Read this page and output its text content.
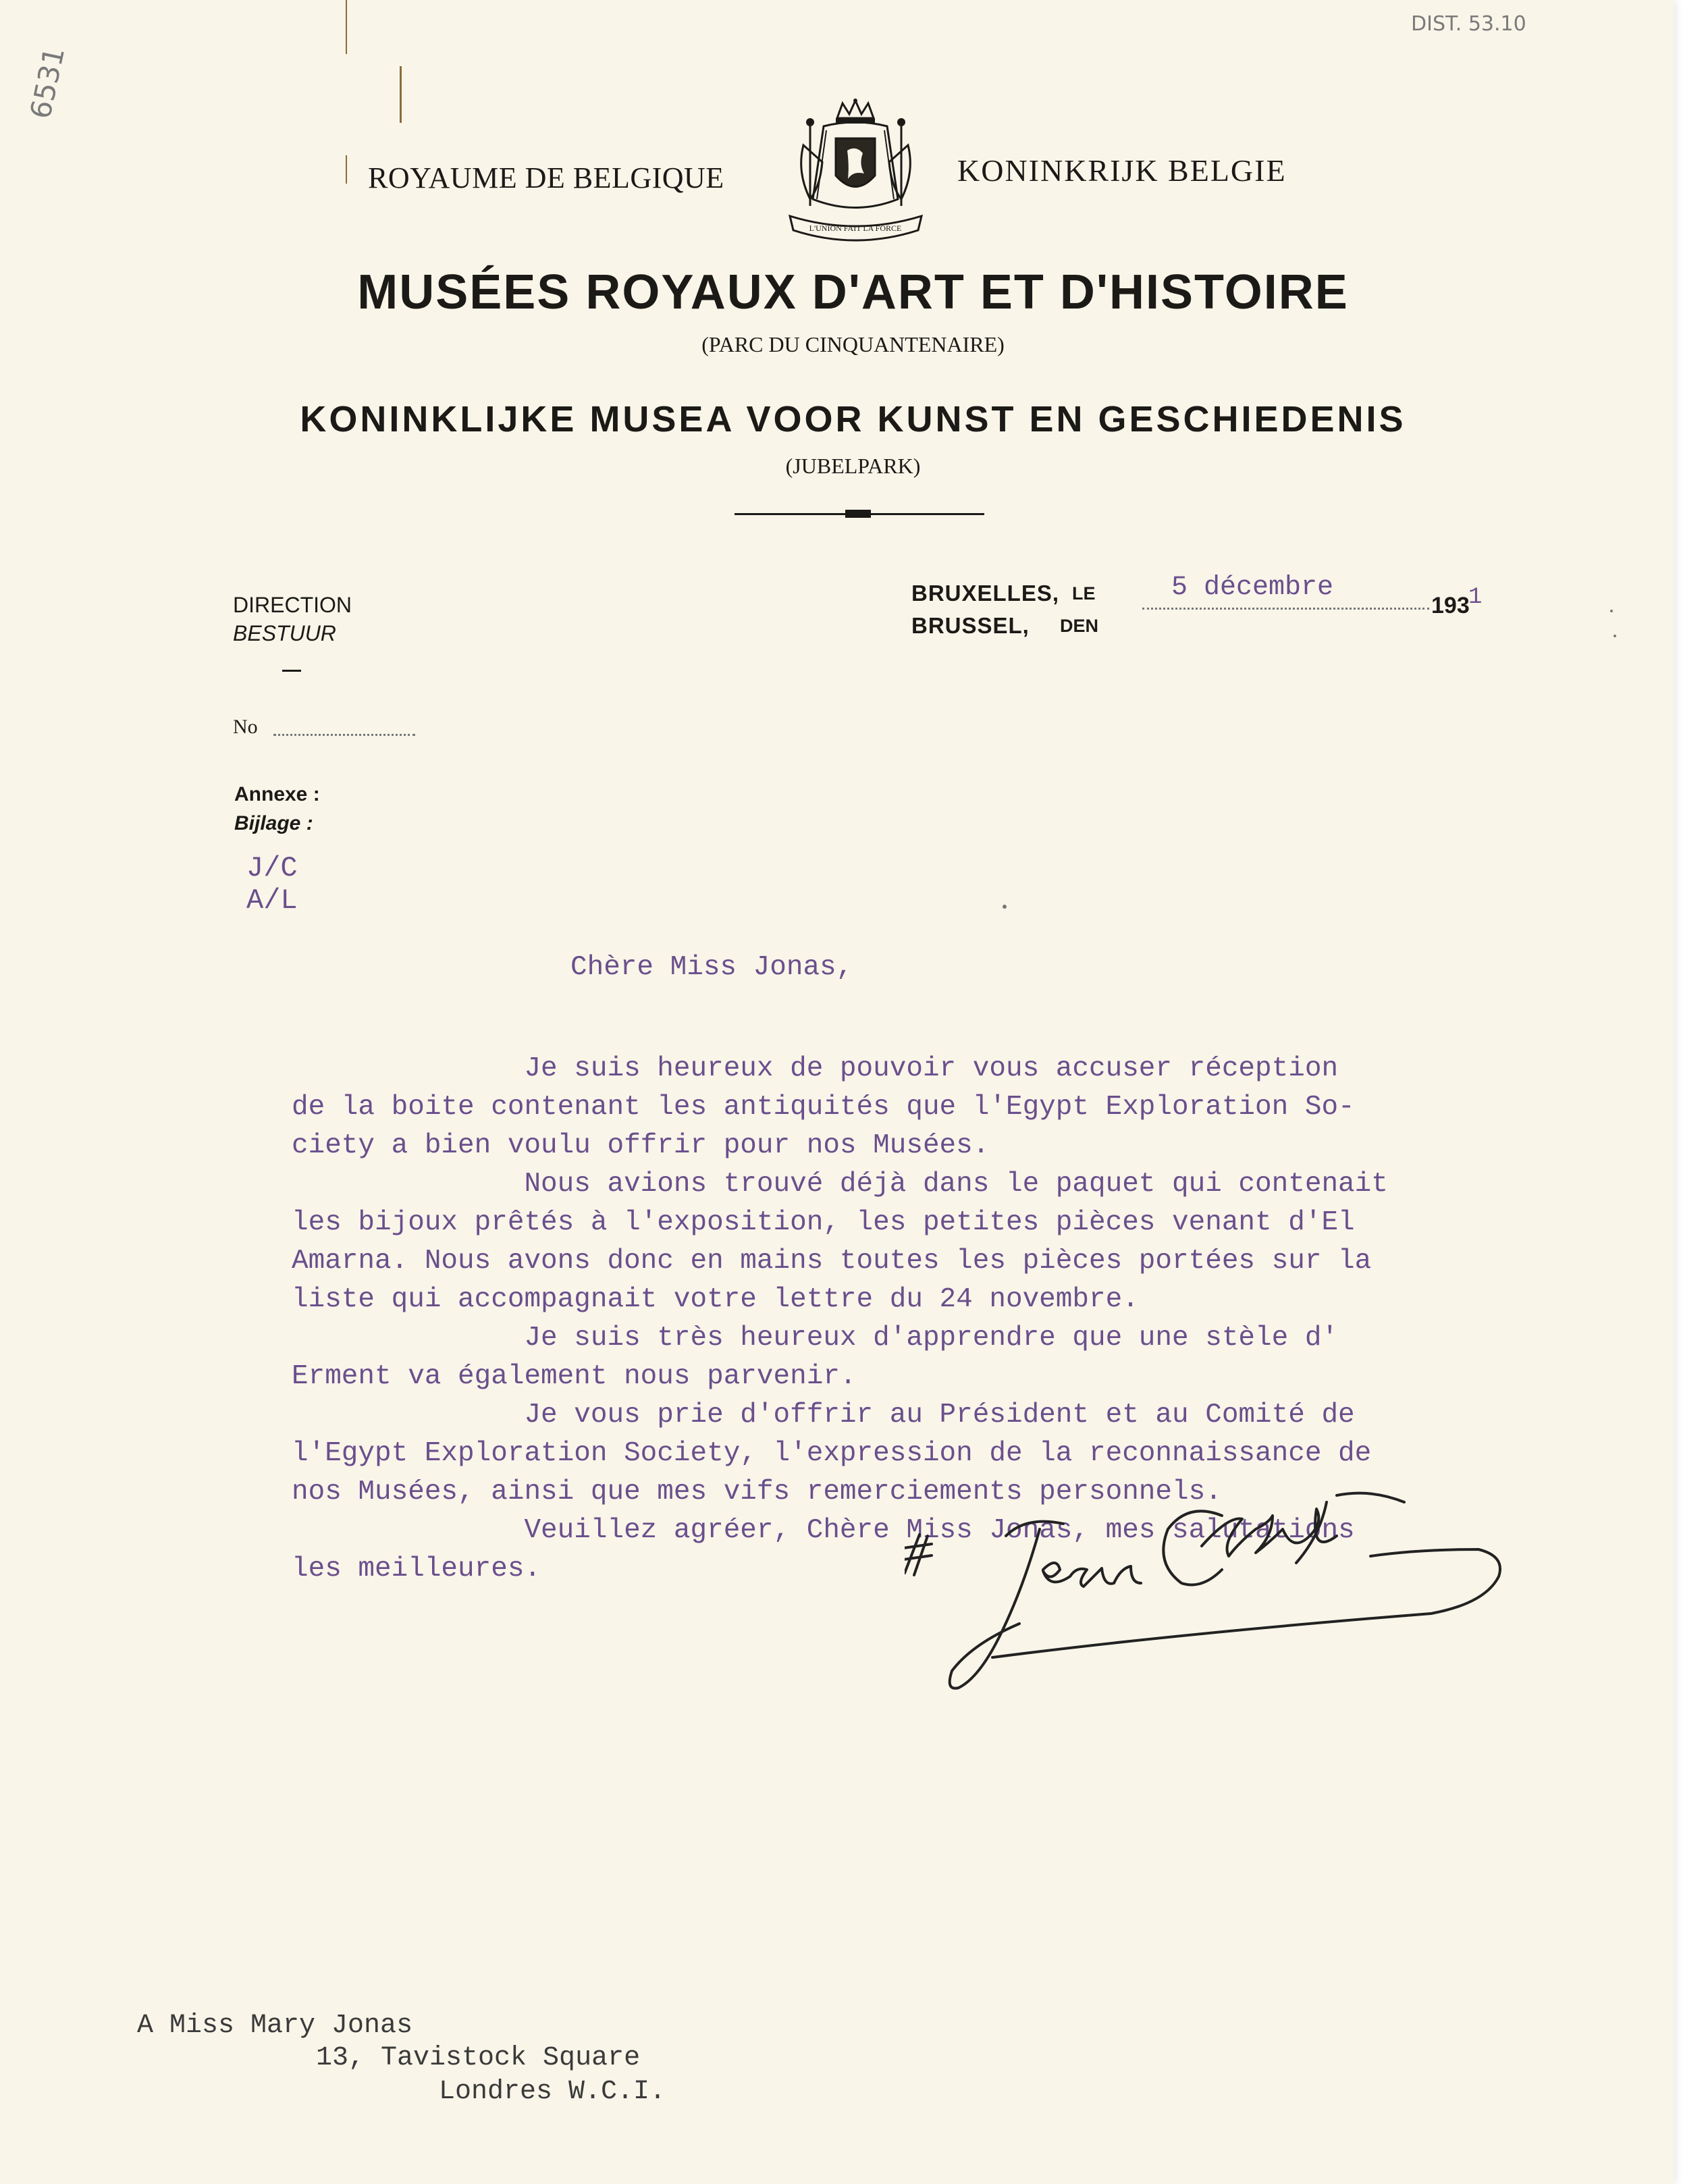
DIST. 53.10
6531
ROYAUME DE BELGIQUE	KONINKRIJK BELGIE
L'UNION FAIT LA FORCE
MUSÉES ROYAUX D'ART ET D'HISTOIRE
(PARC DU CINQUANTENAIRE)
KONINKLIJKE MUSEA VOOR KUNST EN GESCHIEDENIS
(JUBELPARK)
DIRECTION
BESTUUR
No
Annexe :
Bijlage :
BRUXELLES, LE
BRUSSEL, DEN
5 décembre
193
1
J/C
A/L
Chère Miss Jonas,
Je suis heureux de pouvoir vous accuser réception
de la boite contenant les antiquités que l'Egypt Exploration So-
ciety a bien voulu offrir pour nos Musées.
Nous avions trouvé déjà dans le paquet qui contenait
les bijoux prêtés à l'exposition, les petites pièces venant d'El
Amarna. Nous avons donc en mains toutes les pièces portées sur la
liste qui accompagnait votre lettre du 24 novembre.
Je suis très heureux d'apprendre que une stèle d'
Erment va également nous parvenir.
Je vous prie d'offrir au Président et au Comité de
l'Egypt Exploration Society, l'expression de la reconnaissance de
nos Musées, ainsi que mes vifs remerciements personnels.
Veuillez agréer, Chère Miss Jonas, mes salutations
les meilleures.
A Miss Mary Jonas
13, Tavistock Square
Londres W.C.I.
